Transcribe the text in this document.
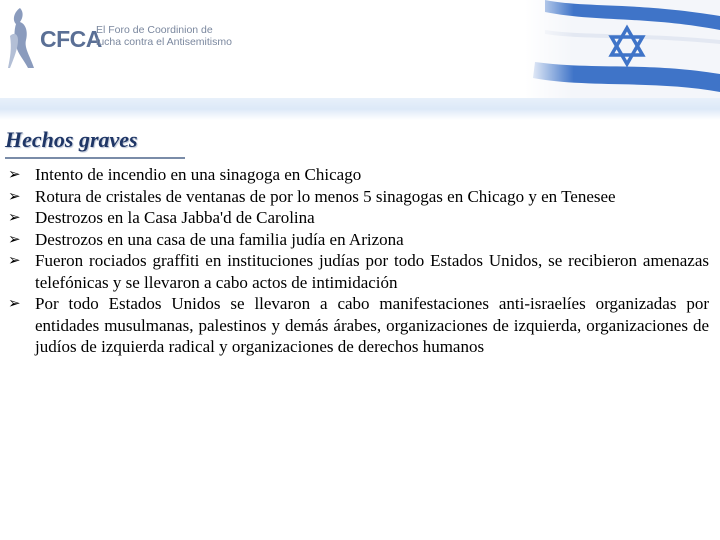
CFCA
El Foro de Coordinion de
lucha contra el Antisemitismo
Hechos graves
➢ Intento de incendio en una sinagoga en Chicago
➢ Rotura de cristales de ventanas de por lo menos 5 sinagogas en Chicago y en Tenesee
➢ Destrozos en la Casa Jabba'd de Carolina
➢ Destrozos en una casa de una familia judía en Arizona
➢ Fueron rociados graffiti en instituciones judías por todo Estados Unidos, se recibieron amenazas telefónicas y se llevaron a cabo actos de intimidación
➢ Por todo Estados Unidos se llevaron a cabo manifestaciones anti-israelíes organizadas por entidades musulmanas, palestinos y demás árabes, organizaciones de izquierda, organizaciones de judíos de izquierda radical y organizaciones de derechos humanos
